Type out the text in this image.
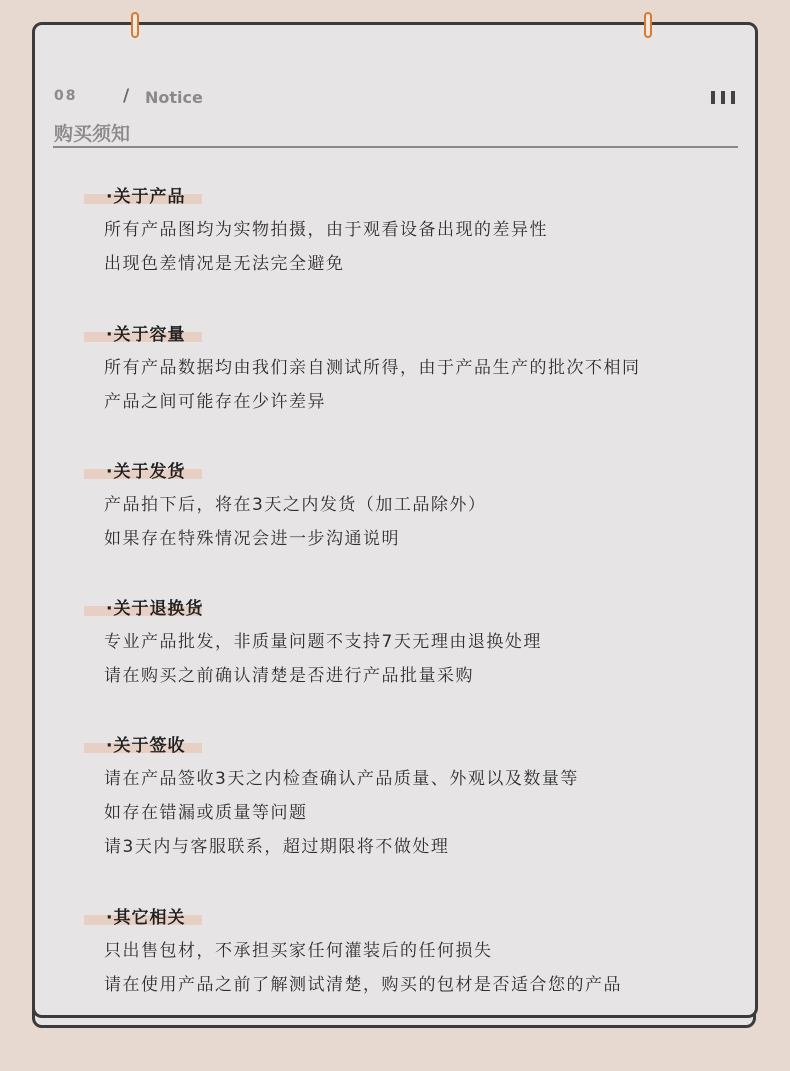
08	/ Notice
购买须知
·关于产品
所有产品图均为实物拍摄，由于观看设备出现的差异性
出现色差情况是无法完全避免
·关于容量
所有产品数据均由我们亲自测试所得，由于产品生产的批次不相同
产品之间可能存在少许差异
·关于发货
产品拍下后，将在3天之内发货（加工品除外）
如果存在特殊情况会进一步沟通说明
·关于退换货
专业产品批发，非质量问题不支持7天无理由退换处理
请在购买之前确认清楚是否进行产品批量采购
·关于签收
请在产品签收3天之内检查确认产品质量、外观以及数量等
如存在错漏或质量等问题
请3天内与客服联系，超过期限将不做处理
·其它相关
只出售包材，不承担买家任何灌装后的任何损失
请在使用产品之前了解测试清楚，购买的包材是否适合您的产品
